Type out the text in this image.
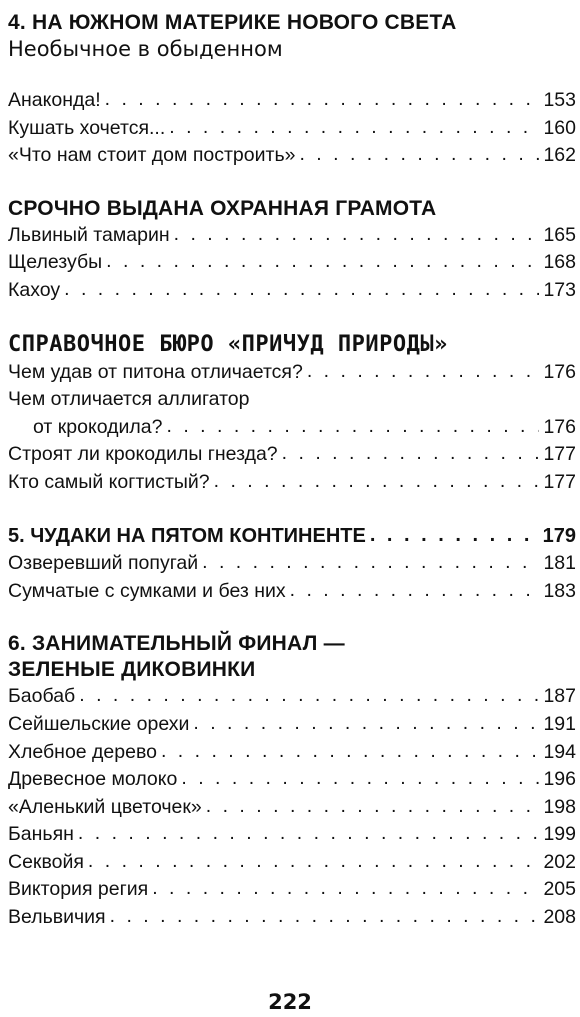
4. НА ЮЖНОМ МАТЕРИКЕ НОВОГО СВЕТА

Необычное в обыденном

Анаконда! . . .	153
Кушать хочется... . . .	160
«Что нам стоит дом построить» . . .	162
СРОЧНО ВЫДАНА ОХРАННАЯ ГРАМОТА
Львиный тамарин . . .	165
Щелезубы . . .	168
Кахоу . . .	173
СПРАВОЧНОЕ БЮРО «ПРИЧУД ПРИРОДЫ»
Чем удав от питона отличается? . . .	176
Чем отличается аллигатор
от крокодила? . . .	176
Строят ли крокодилы гнезда? . . .	177
Кто самый когтистый? . . .	177
5. ЧУДАКИ НА ПЯТОМ КОНТИНЕНТЕ . . .	179
Озверевший попугай . . .	181
Сумчатые с сумками и без них . . .	183
6. ЗАНИМАТЕЛЬНЫЙ ФИНАЛ —
ЗЕЛЕНЫЕ ДИКОВИНКИ
Баобаб . . .	187
Сейшельские орехи . . .	191
Хлебное дерево . . .	194
Древесное молоко . . .	196
«Аленький цветочек» . . .	198
Баньян . . .	199
Секвойя . . .	202
Виктория регия . . .	205
Вельвичия . . .	208
222
